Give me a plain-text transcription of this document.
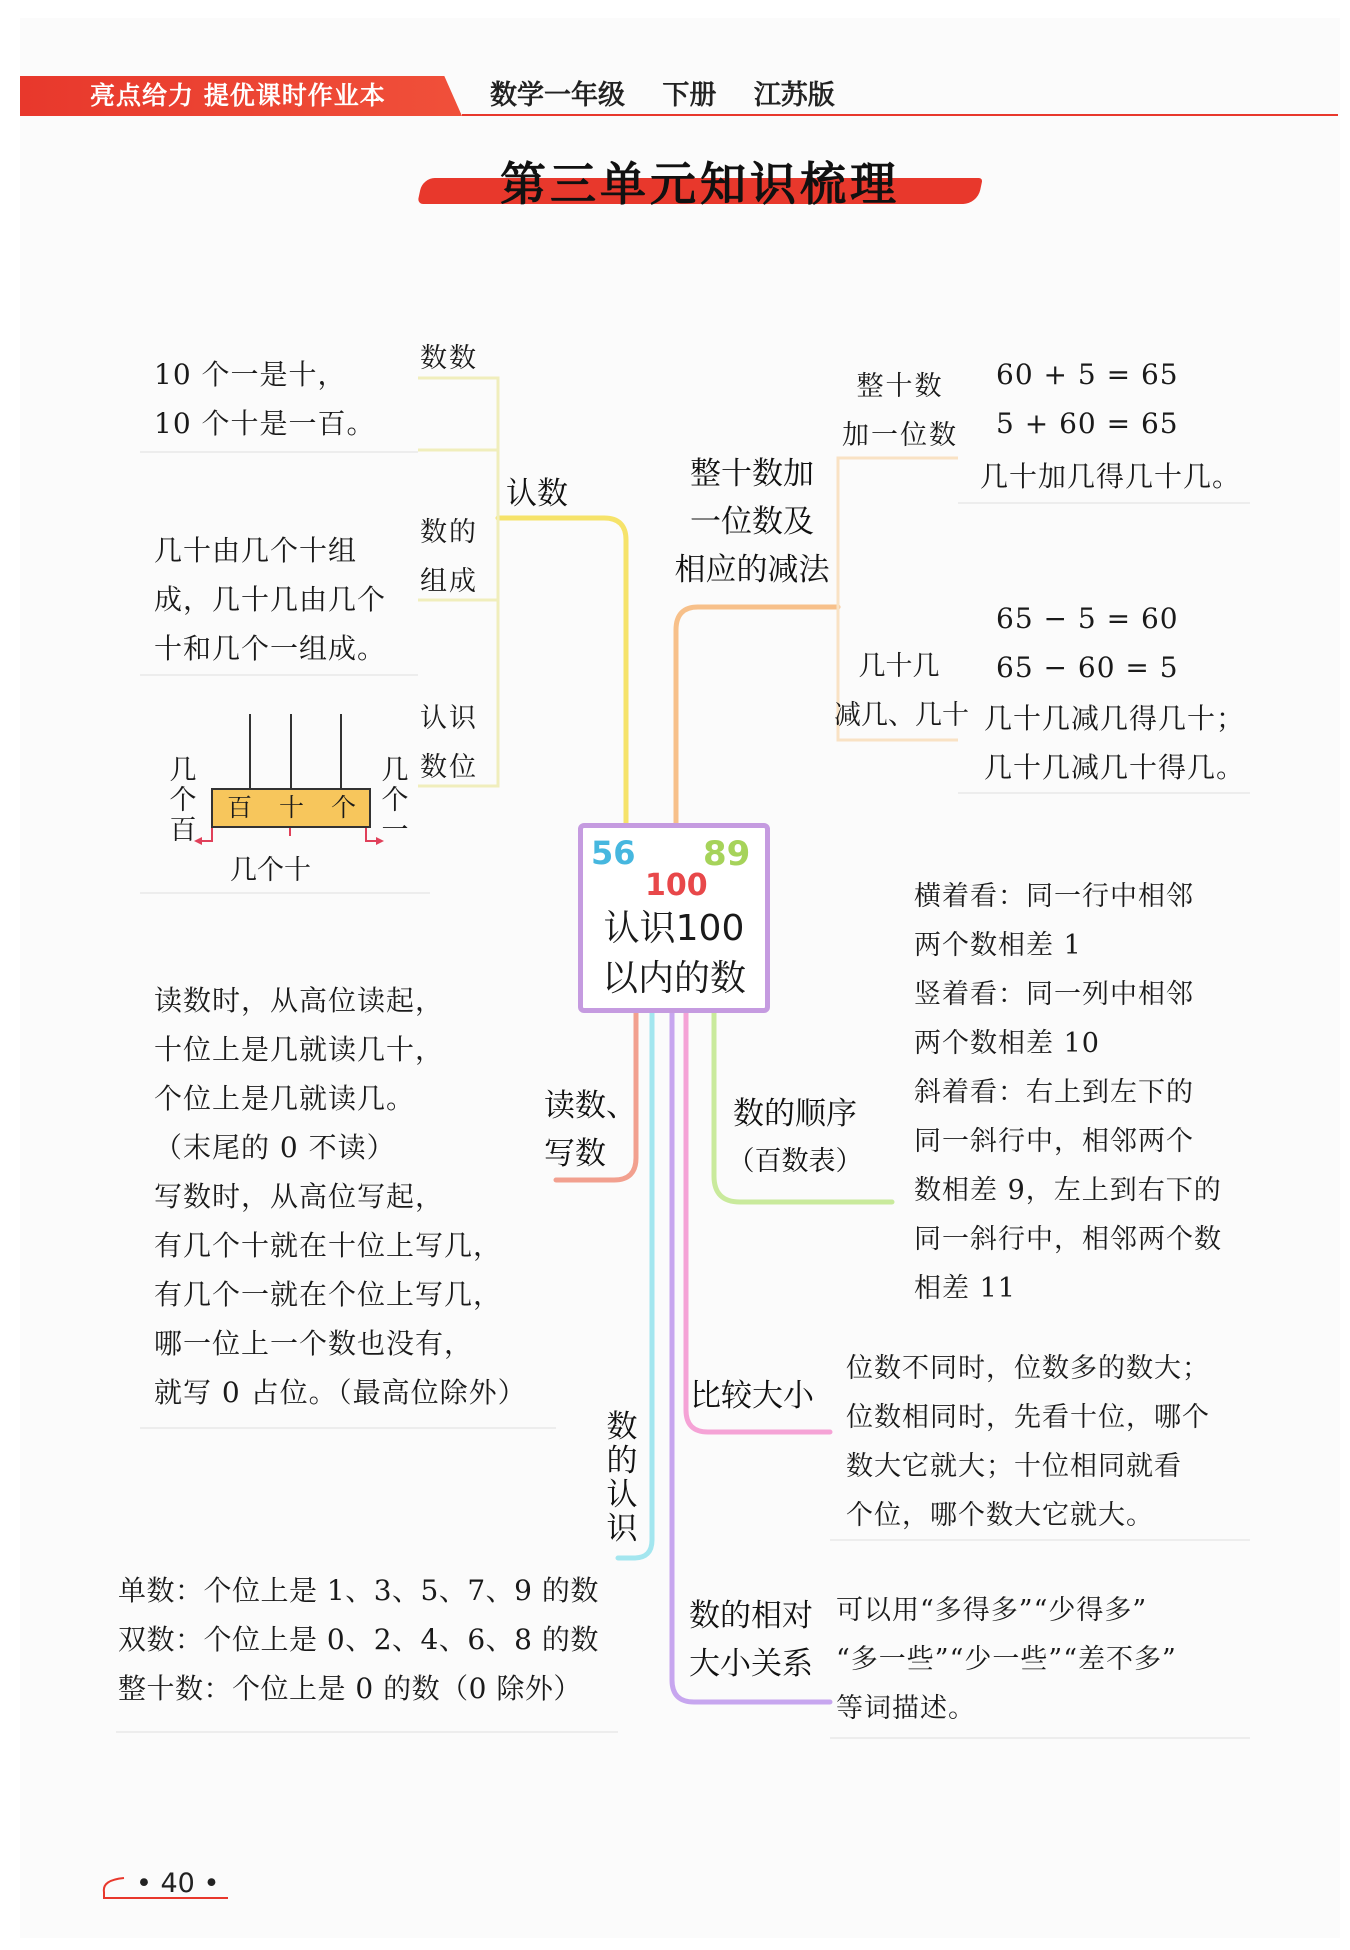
亮点给力 提优课时作业本	数学一年级 下册 江苏版
第三单元知识梳理
56 89
100
认识100
以内的数
认数
读数、
写数
数
的
认
识
整十数加
一位数及
相应的减法
数的顺序
（百数表）
比较大小
数的相对
大小关系
数数
数的
组成
认识
数位
整十数
加一位数
几十几
减几、几十
10 个一是十，
10 个十是一百。
几十由几个十组
成，几十几由几个
十和几个一组成。
百 十 个
几
个
百
几
个
一
几个十
读数时，从高位读起，
十位上是几就读几十，
个位上是几就读几。
（末尾的 0 不读）
写数时，从高位写起，
有几个十就在十位上写几，
有几个一就在个位上写几，
哪一位上一个数也没有，
就写 0 占位。（最高位除外）
单数：个位上是 1、3、5、7、9 的数
双数：个位上是 0、2、4、6、8 的数
整十数：个位上是 0 的数（0 除外）
60 + 5 = 65
5 + 60 = 65
几十加几得几十几。
65 − 5 = 60
65 − 60 = 5
几十几减几得几十；
几十几减几十得几。
横着看：同一行中相邻
两个数相差 1
竖着看：同一列中相邻
两个数相差 10
斜着看：右上到左下的
同一斜行中，相邻两个
数相差 9，左上到右下的
同一斜行中，相邻两个数
相差 11
位数不同时，位数多的数大；
位数相同时，先看十位，哪个
数大它就大；十位相同就看
个位，哪个数大它就大。
可以用“多得多”“少得多”
“多一些”“少一些”“差不多”
等词描述。
• 40 •
